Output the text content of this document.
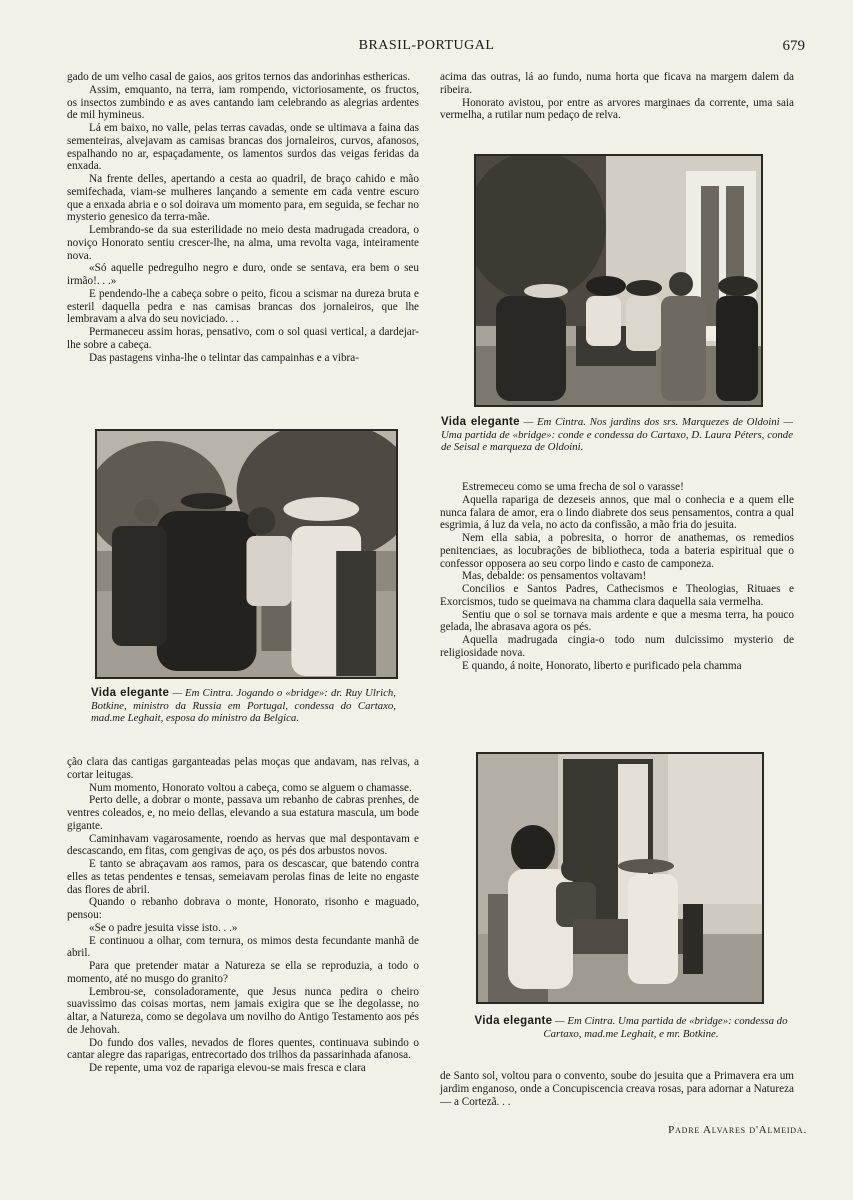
BRASIL-PORTUGAL	679

gado de um velho casal de gaios, aos gritos ternos das andorinhas esthericas.

Assim, emquanto, na terra, iam rompendo, victoriosamente, os fructos, os insectos zumbindo e as aves cantando iam celebrando as alegrias ardentes de mil hymineus.

Lá em baixo, no valle, pelas terras cavadas, onde se ultimava a faina das sementeiras, alvejavam as camisas brancas dos jornaleiros, curvos, afanosos, espalhando no ar, espaçadamente, os lamentos surdos das veigas feridas da enxada.

Na frente delles, apertando a cesta ao quadril, de braço cahido e mão semifechada, viam-se mulheres lançando a semente em cada ventre escuro que a enxada abria e o sol doirava um momento para, em seguida, se fechar no mysterio genesico da terra-mãe.

Lembrando-se da sua esterilidade no meio desta madrugada creadora, o noviço Honorato sentiu crescer-lhe, na alma, uma revolta vaga, inteiramente nova.

«Só aquelle pedregulho negro e duro, onde se sentava, era bem o seu irmão!. . .»

E pendendo-lhe a cabeça sobre o peito, ficou a scismar na dureza bruta e esteril daquella pedra e nas camisas brancas dos jornaleiros, que lhe lembravam a alva do seu noviciado. . .

Permaneceu assim horas, pensativo, com o sol quasi vertical, a dardejar-lhe sobre a cabeça.

Das pastagens vinha-lhe o telintar das campainhas e a vibra-

Vida elegante — Em Cintra. Jogando o «bridge»: dr. Ruy Ulrich, Botkine, ministro da Russia em Portugal, condessa do Cartaxo, mad.me Leghait, esposa do ministro da Belgica.

ção clara das cantigas garganteadas pelas moças que andavam, nas relvas, a cortar leitugas.

Num momento, Honorato voltou a cabeça, como se alguem o chamasse.

Perto delle, a dobrar o monte, passava um rebanho de cabras prenhes, de ventres coleados, e, no meio dellas, elevando a sua estatura mascula, um bode gigante.

Caminhavam vagarosamente, roendo as hervas que mal despontavam e descascando, em fitas, com gengivas de aço, os pés dos arbustos novos.

E tanto se abraçavam aos ramos, para os descascar, que batendo contra elles as tetas pendentes e tensas, semeiavam perolas finas de leite no engaste das flores de abril.

Quando o rebanho dobrava o monte, Honorato, risonho e maguado, pensou:

«Se o padre jesuita visse isto. . .»

E continuou a olhar, com ternura, os mimos desta fecundante manhã de abril.

Para que pretender matar a Natureza se ella se reproduzia, a todo o momento, até no musgo do granito?

Lembrou-se, consoladoramente, que Jesus nunca pedira o cheiro suavissimo das coisas mortas, nem jamais exigira que se lhe degolasse, no altar, a Natureza, como se degolava um novilho do Antigo Testamento aos pés de Jehovah.

Do fundo dos valles, nevados de flores quentes, continuava subindo o cantar alegre das raparigas, entrecortado dos trilhos da passarinhada afanosa.

De repente, uma voz de rapariga elevou-se mais fresca e clara

acima das outras, lá ao fundo, numa horta que ficava na margem dalem da ribeira.

Honorato avistou, por entre as arvores marginaes da corrente, uma saia vermelha, a rutilar num pedaço de relva.

Vida elegante — Em Cintra. Nos jardins dos srs. Marquezes de Oldoini — Uma partida de «bridge»: conde e condessa do Cartaxo, D. Laura Péters, conde de Seisal e marqueza de Oldoini.

Estremeceu como se uma frecha de sol o varasse!

Aquella rapariga de dezeseis annos, que mal o conhecia e a quem elle nunca falara de amor, era o lindo diabrete dos seus pensamentos, contra a qual esgrimia, á luz da vela, no acto da confissão, a mão fria do jesuita.

Nem ella sabia, a pobresita, o horror de anathemas, os remedios penitenciaes, as locubrações de bibliotheca, toda a bateria espiritual que o confessor opposera ao seu corpo lindo e casto de camponeza.

Mas, debalde: os pensamentos voltavam!

Concilios e Santos Padres, Cathecismos e Theologias, Rituaes e Exorcismos, tudo se queimava na chamma clara daquella saia vermelha.

Sentiu que o sol se tornava mais ardente e que a mesma terra, ha pouco gelada, lhe abrasava agora os pés.

Aquella madrugada cingia-o todo num dulcissimo mysterio de religiosidade nova.

E quando, á noite, Honorato, liberto e purificado pela chamma

Vida elegante — Em Cintra. Uma partida de «bridge»: condessa do Cartaxo, mad.me Leghait, e mr. Botkine.

de Santo sol, voltou para o convento, soube do jesuita que a Primavera era um jardim enganoso, onde a Concupiscencia creava rosas, para adornar a Natureza — a Cortezã. . .

Padre Alvares d'Almeida.
